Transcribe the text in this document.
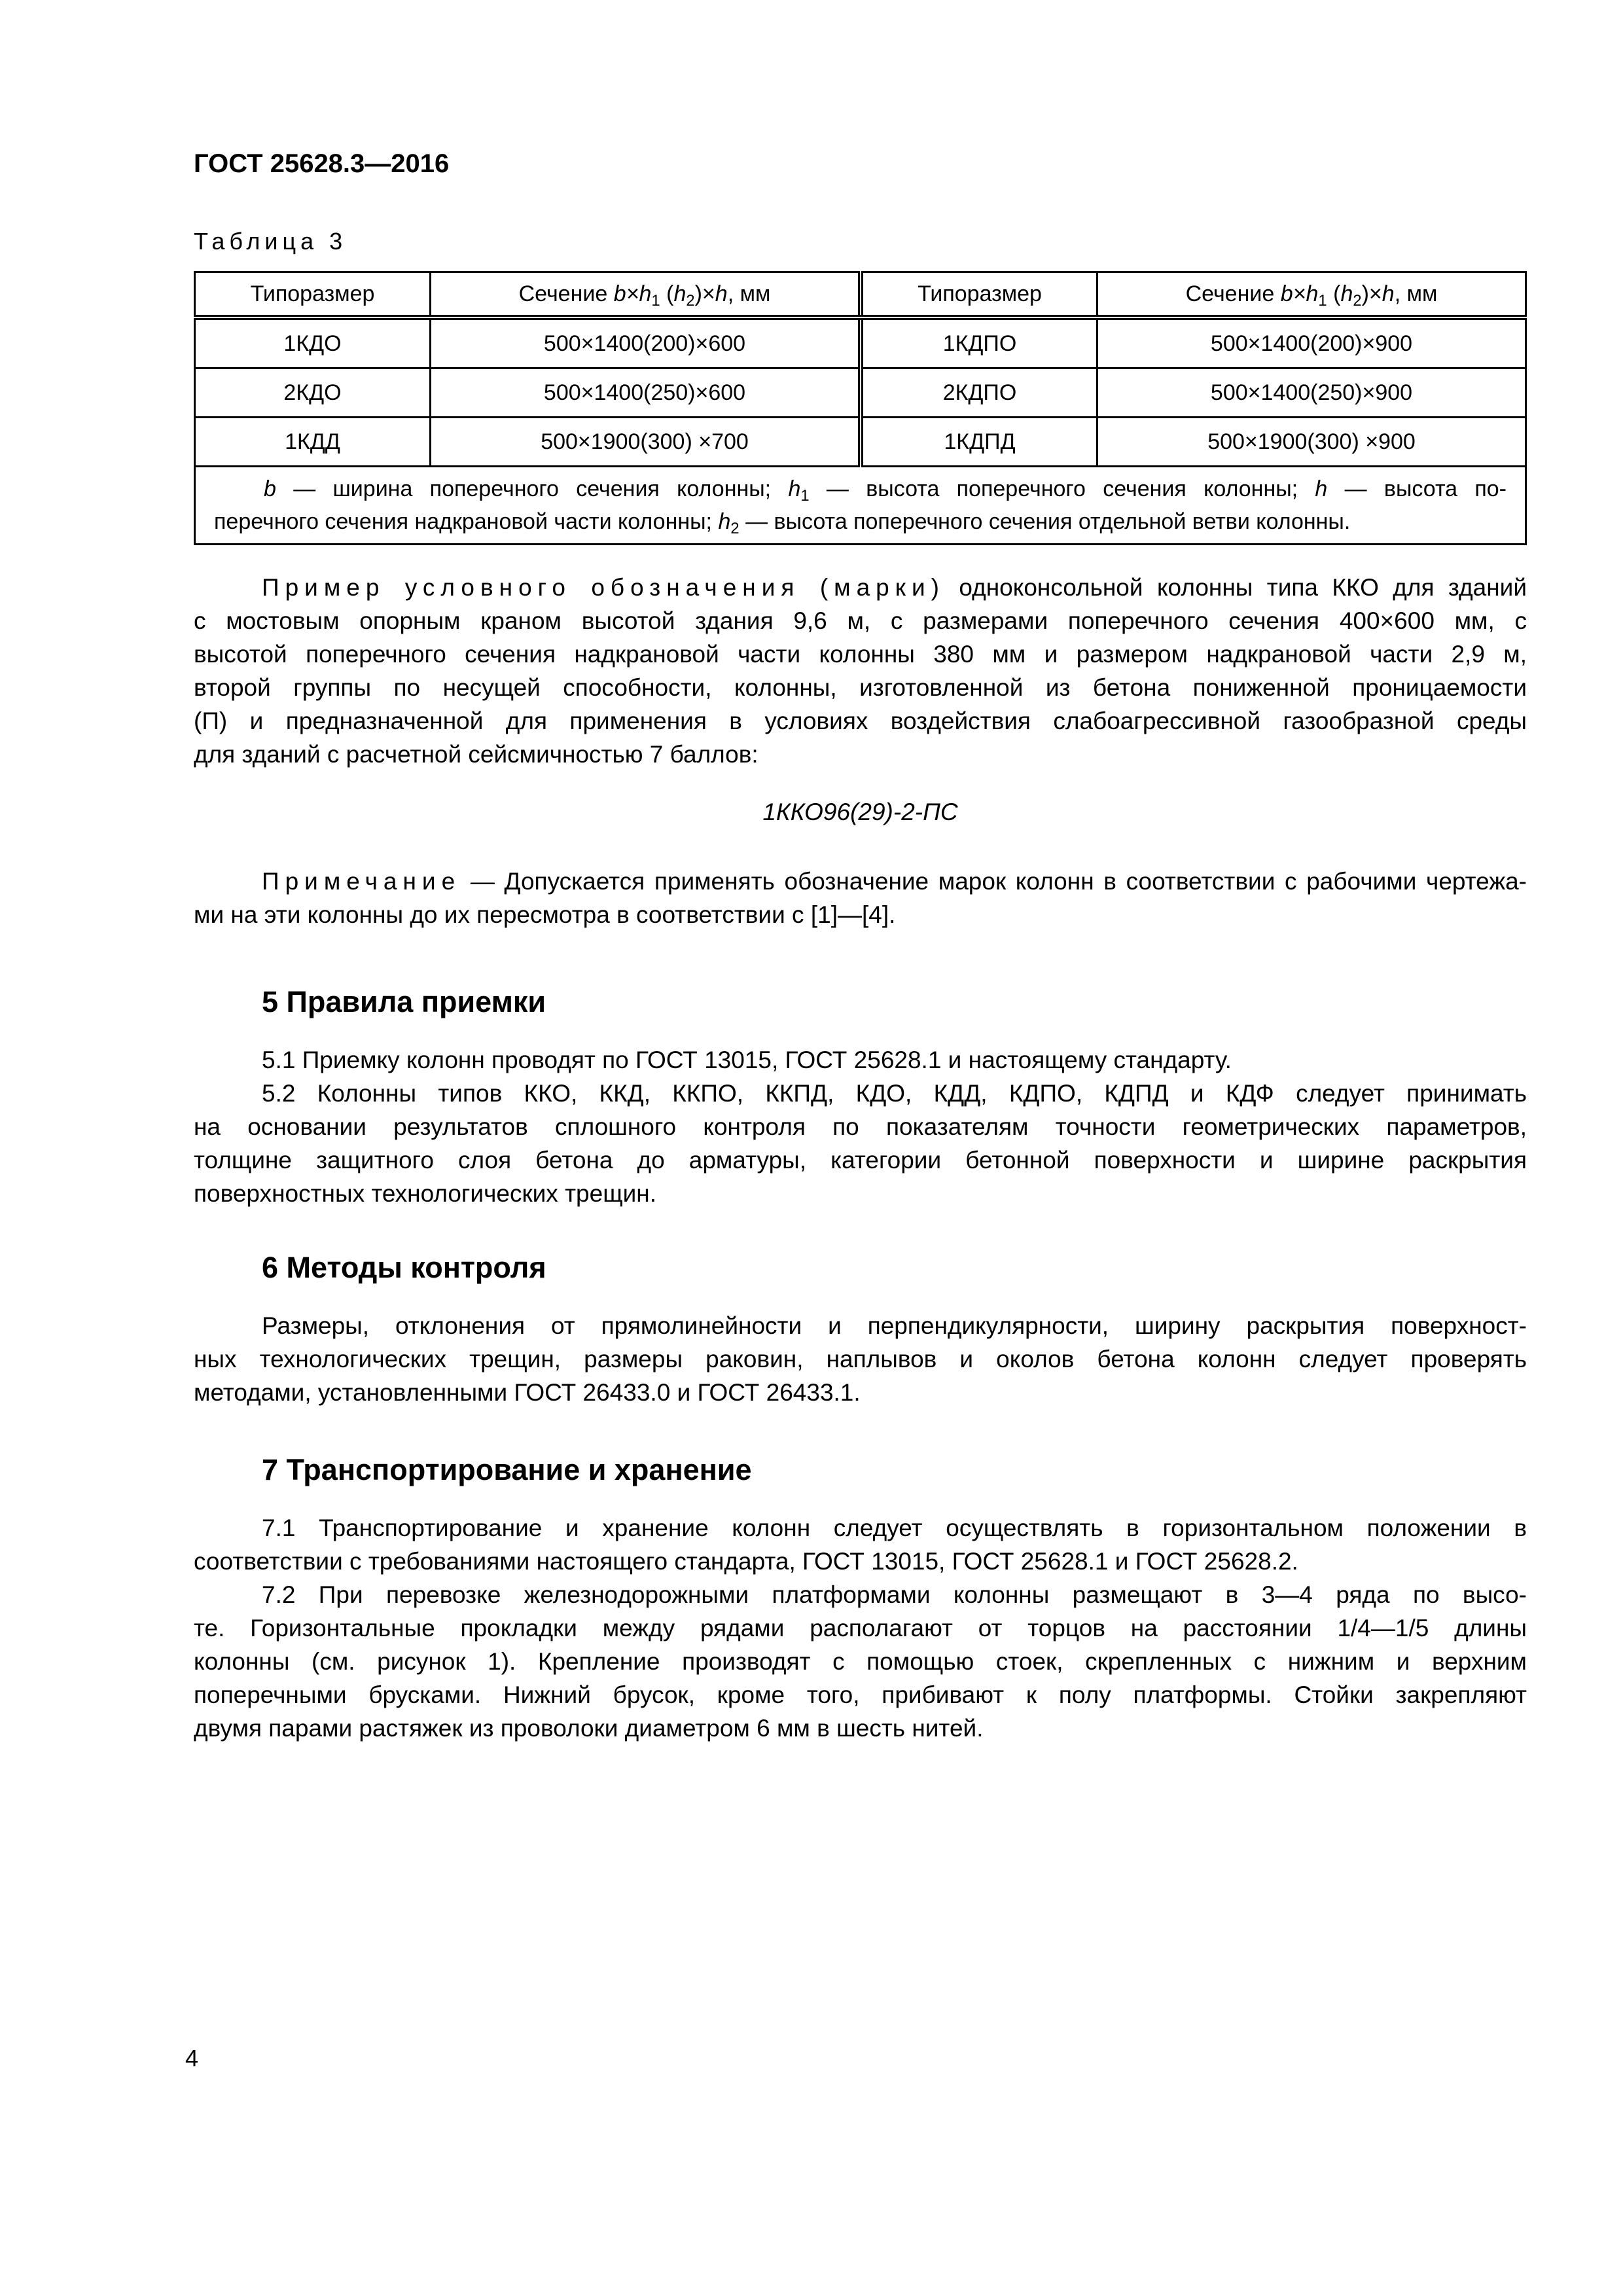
ГОСТ 25628.3—2016
Таблица 3
Типоразмер	Сечение $b\times h_1$ $(h_2)\times h$, мм	Типоразмер	Сечение $b\times h_1$ $(h_2)\times h$, мм
1КДО	500×1400(200)×600	1КДПО	500×1400(200)×900
2КДО	500×1400(250)×600	2КДПО	500×1400(250)×900
1КДД	500×1900(300) ×700	1КДПД	500×1900(300) ×900

b — ширина поперечного сечения колонны; $h_1$ — высота поперечного сечения колонны; h — высота по-
перечного сечения надкрановой части колонны; $h_2$ — высота поперечного сечения отдельной ветви колонны.			
Пример условного обозначения (марки) одноконсольной колонны типа ККО для зданий
с мостовым опорным краном высотой здания 9,6 м, с размерами поперечного сечения 400×600 мм, с
высотой поперечного сечения надкрановой части колонны 380 мм и размером надкрановой части 2,9 м,
второй группы по несущей способности, колонны, изготовленной из бетона пониженной проницаемости
(П) и предназначенной для применения в условиях воздействия слабоагрессивной газообразной среды
для зданий с расчетной сейсмичностью 7 баллов:
1ККО96(29)-2-ПС
Примечание — Допускается применять обозначение марок колонн в соответствии с рабочими чертежа-
ми на эти колонны до их пересмотра в соответствии с [1]—[4].
5 Правила приемки
5.1 Приемку колонн проводят по ГОСТ 13015, ГОСТ 25628.1 и настоящему стандарту.
5.2 Колонны типов ККО, ККД, ККПО, ККПД, КДО, КДД, КДПО, КДПД и КДФ следует принимать
на основании результатов сплошного контроля по показателям точности геометрических параметров,
толщине защитного слоя бетона до арматуры, категории бетонной поверхности и ширине раскрытия
поверхностных технологических трещин.
6 Методы контроля
Размеры, отклонения от прямолинейности и перпендикулярности, ширину раскрытия поверхност-
ных технологических трещин, размеры раковин, наплывов и околов бетона колонн следует проверять
методами, установленными ГОСТ 26433.0 и ГОСТ 26433.1.
7 Транспортирование и хранение
7.1 Транспортирование и хранение колонн следует осуществлять в горизонтальном положении в
соответствии с требованиями настоящего стандарта, ГОСТ 13015, ГОСТ 25628.1 и ГОСТ 25628.2.
7.2 При перевозке железнодорожными платформами колонны размещают в 3—4 ряда по высо-
те. Горизонтальные прокладки между рядами располагают от торцов на расстоянии 1/4—1/5 длины
колонны (см. рисунок 1). Крепление производят с помощью стоек, скрепленных с нижним и верхним
поперечными брусками. Нижний брусок, кроме того, прибивают к полу платформы. Стойки закрепляют
двумя парами растяжек из проволоки диаметром 6 мм в шесть нитей.
4
